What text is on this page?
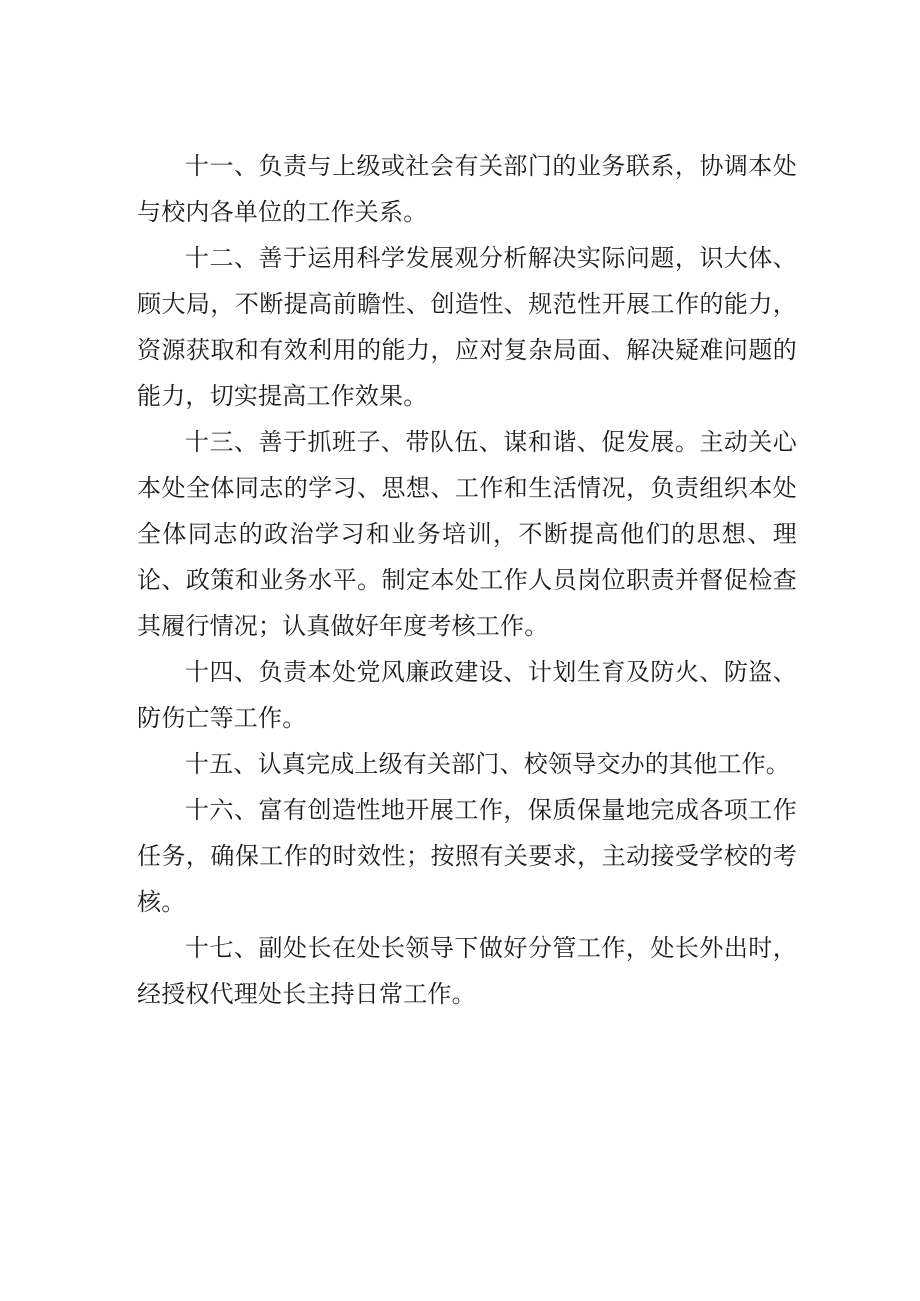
十一、负责与上级或社会有关部门的业务联系，协调本处与校内各单位的工作关系。

十二、善于运用科学发展观分析解决实际问题，识大体、顾大局，不断提高前瞻性、创造性、规范性开展工作的能力，资源获取和有效利用的能力，应对复杂局面、解决疑难问题的能力，切实提高工作效果。

十三、善于抓班子、带队伍、谋和谐、促发展。主动关心本处全体同志的学习、思想、工作和生活情况，负责组织本处全体同志的政治学习和业务培训，不断提高他们的思想、理论、政策和业务水平。制定本处工作人员岗位职责并督促检查其履行情况；认真做好年度考核工作。

十四、负责本处党风廉政建设、计划生育及防火、防盗、防伤亡等工作。

十五、认真完成上级有关部门、校领导交办的其他工作。

十六、富有创造性地开展工作，保质保量地完成各项工作任务，确保工作的时效性；按照有关要求，主动接受学校的考核。

十七、副处长在处长领导下做好分管工作，处长外出时，经授权代理处长主持日常工作。
